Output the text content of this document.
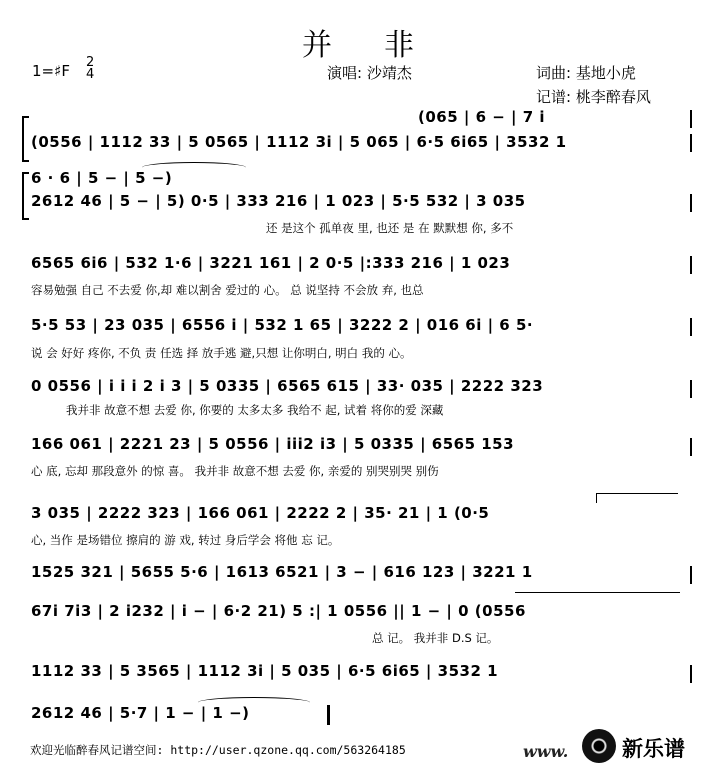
并非
1=♯F 2
4	演唱: 沙靖杰	词曲: 基地小虎
记谱: 桃李醉春风
(065 | 6 − | 7 i
(0556 | 1112 33 | 5 0565 | 1112 3i | 5 065 | 6·5 6i65 | 3532 1
6 · 6 | 5 − | 5 −)
2612 46 | 5 − | 5) 0·5 | 333 216 | 1 023 | 5·5 532 | 3 035
还 是这个 孤单夜 里, 也还 是 在 默默想 你, 多不
6565 6i6 | 532 1·6 | 3221 161 | 2 0·5 |:333 216 | 1 023
容易勉强 自己 不去爱 你,却 难以割舍 爱过的 心。 总 说坚持 不会放 弃, 也总
5·5 53 | 23 035 | 6556 i | 532 1 65 | 3222 2 | 016 6i | 6 5·
说 会 好好 疼你, 不负 责 任选 择 放手逃 避,只想 让你明白, 明白 我的 心。
0 0556 | i i i 2 i 3 | 5 0335 | 6565 615 | 33· 035 | 2222 323
我并非 故意不想 去爱 你, 你要的 太多太多 我给不 起, 试着 将你的爱 深藏
166 061 | 2221 23 | 5 0556 | iii2 i3 | 5 0335 | 6565 153
心 底, 忘却 那段意外 的惊 喜。 我并非 故意不想 去爱 你, 亲爱的 别哭别哭 别伤
3 035 | 2222 323 | 166 061 | 2222 2 | 35· 21 | 1 (0·5
心, 当作 是场错位 擦肩的 游 戏, 转过 身后学会 将他 忘 记。
1525 321 | 5655 5·6 | 1613 6521 | 3 − | 616 123 | 3221 1
67i 7i3 | 2 i232 | i − | 6·2 21) 5 :| 1 0556 || 1 − | 0 (0556
总 记。 我并非 D.S 记。
1112 33 | 5 3565 | 1112 3i | 5 035 | 6·5 6i65 | 3532 1
2612 46 | 5·7 | 1 − | 1 −)
欢迎光临醉春风记谱空间: http://user.qzone.qq.com/563264185	www.	新乐谱
